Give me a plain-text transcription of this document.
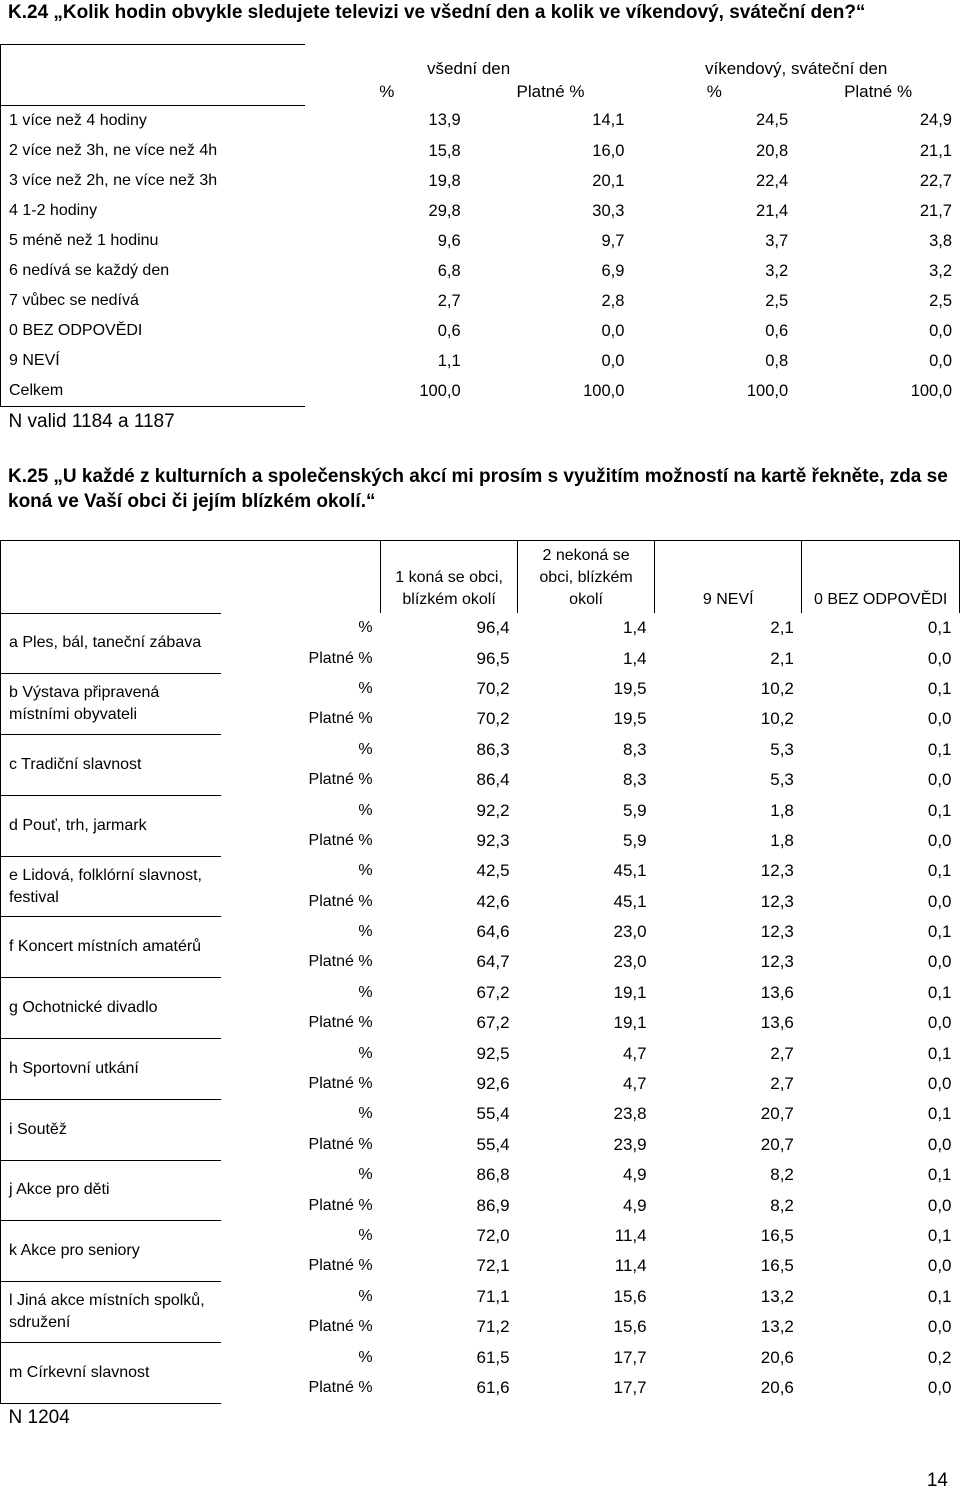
K.24 „Kolik hodin obvykle sledujete televizi ve všední den a kolik ve víkendový, sváteční den?“
	všední den		víkendový, sváteční den	
	%	Platné %	%	Platné %
1 více než 4 hodiny	13,9	14,1	24,5	24,9
2 více než 3h, ne více než 4h	15,8	16,0	20,8	21,1
3 více než 2h, ne více než 3h	19,8	20,1	22,4	22,7
4 1-2 hodiny	29,8	30,3	21,4	21,7
5 méně než 1 hodinu	9,6	9,7	3,7	3,8
6 nedívá se každý den	6,8	6,9	3,2	3,2
7 vůbec se nedívá	2,7	2,8	2,5	2,5
0 BEZ ODPOVĚDI	0,6	0,0	0,6	0,0
9 NEVÍ	1,1	0,0	0,8	0,0
Celkem	100,0	100,0	100,0	100,0
N valid 1184 a 1187				
K.25 „U každé z kulturních a společenských akcí mi prosím s využitím možností na kartě řekněte, zda se koná ve Vaší obci či jejím blízkém okolí.“
		1 koná se obci, blízkém okolí	2 nekoná se obci, blízkém okolí	9 NEVÍ	0 BEZ ODPOVĚDI
a Ples, bál, taneční zábava	%	96,4	1,4	2,1	0,1
	Platné %	96,5	1,4	2,1	0,0
b Výstava připravená místními obyvateli	%	70,2	19,5	10,2	0,1
	Platné %	70,2	19,5	10,2	0,0
c Tradiční slavnost	%	86,3	8,3	5,3	0,1
	Platné %	86,4	8,3	5,3	0,0
d Pouť, trh, jarmark	%	92,2	5,9	1,8	0,1
	Platné %	92,3	5,9	1,8	0,0
e Lidová, folklórní slavnost, festival	%	42,5	45,1	12,3	0,1
	Platné %	42,6	45,1	12,3	0,0
f Koncert místních amatérů	%	64,6	23,0	12,3	0,1
	Platné %	64,7	23,0	12,3	0,0
g Ochotnické divadlo	%	67,2	19,1	13,6	0,1
	Platné %	67,2	19,1	13,6	0,0
h Sportovní utkání	%	92,5	4,7	2,7	0,1
	Platné %	92,6	4,7	2,7	0,0
i Soutěž	%	55,4	23,8	20,7	0,1
	Platné %	55,4	23,9	20,7	0,0
j Akce pro děti	%	86,8	4,9	8,2	0,1
	Platné %	86,9	4,9	8,2	0,0
k Akce pro seniory	%	72,0	11,4	16,5	0,1
	Platné %	72,1	11,4	16,5	0,0
l Jiná akce místních spolků, sdružení	%	71,1	15,6	13,2	0,1
	Platné %	71,2	15,6	13,2	0,0
m Církevní slavnost	%	61,5	17,7	20,6	0,2
	Platné %	61,6	17,7	20,6	0,0
N 1204					
14
